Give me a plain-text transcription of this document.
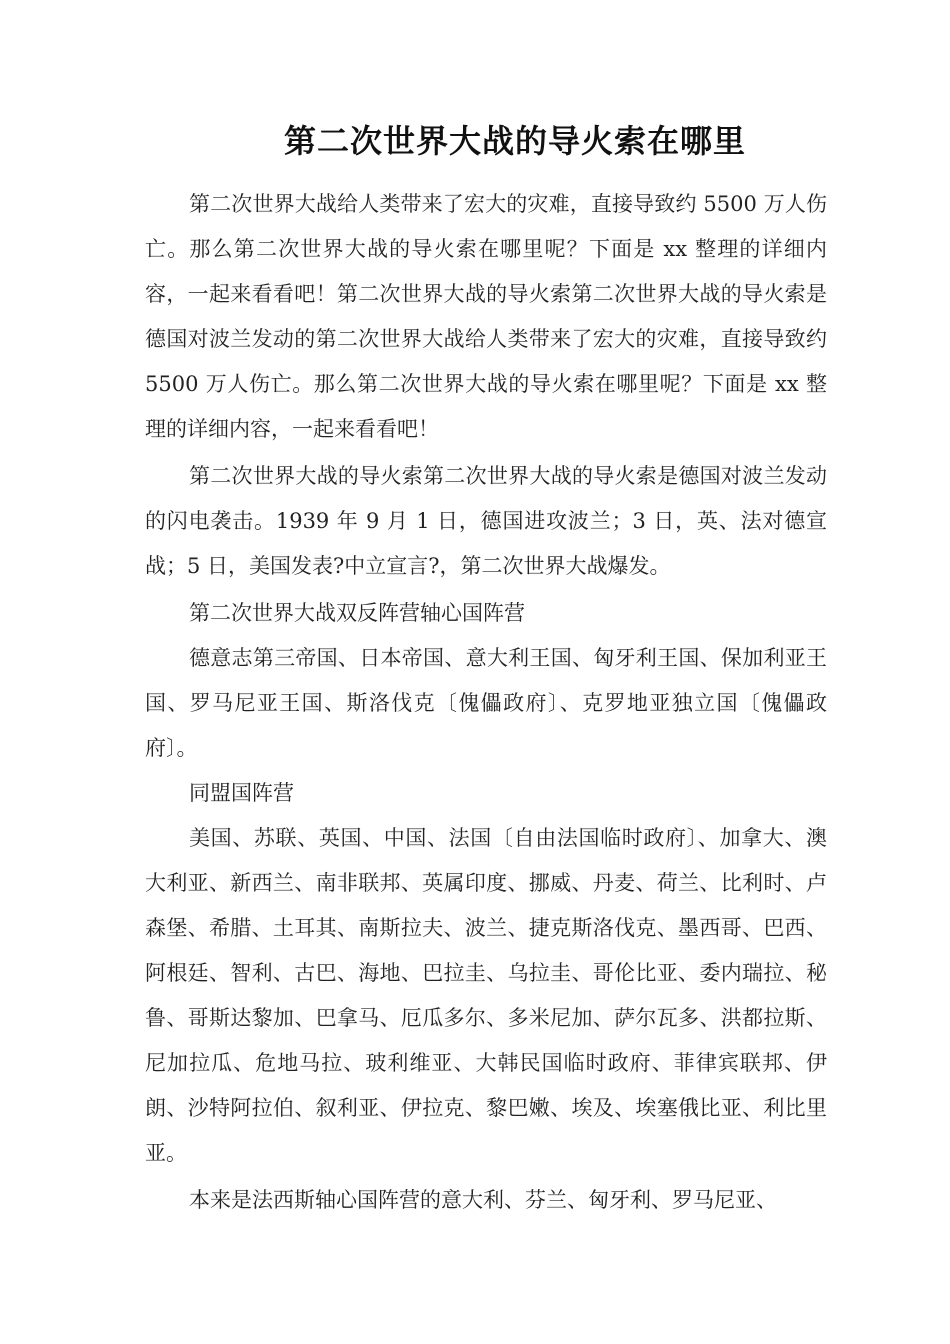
第二次世界大战的导火索在哪里

第二次世界大战给人类带来了宏大的灾难，直接导致约 5500 万人伤亡。那么第二次世界大战的导火索在哪里呢？下面是 xx 整理的详细内容，一起来看看吧！第二次世界大战的导火索第二次世界大战的导火索是德国对波兰发动的第二次世界大战给人类带来了宏大的灾难，直接导致约 5500 万人伤亡。那么第二次世界大战的导火索在哪里呢？下面是 xx 整理的详细内容，一起来看看吧！

第二次世界大战的导火索第二次世界大战的导火索是德国对波兰发动的闪电袭击。1939 年 9 月 1 日，德国进攻波兰；3 日，英、法对德宣战；5 日，美国发表?中立宣言?，第二次世界大战爆发。

第二次世界大战双反阵营轴心国阵营

德意志第三帝国、日本帝国、意大利王国、匈牙利王国、保加利亚王国、罗马尼亚王国、斯洛伐克〔傀儡政府〕、克罗地亚独立国〔傀儡政府〕。

同盟国阵营

美国、苏联、英国、中国、法国〔自由法国临时政府〕、加拿大、澳大利亚、新西兰、南非联邦、英属印度、挪威、丹麦、荷兰、比利时、卢森堡、希腊、土耳其、南斯拉夫、波兰、捷克斯洛伐克、墨西哥、巴西、阿根廷、智利、古巴、海地、巴拉圭、乌拉圭、哥伦比亚、委内瑞拉、秘鲁、哥斯达黎加、巴拿马、厄瓜多尔、多米尼加、萨尔瓦多、洪都拉斯、尼加拉瓜、危地马拉、玻利维亚、大韩民国临时政府、菲律宾联邦、伊朗、沙特阿拉伯、叙利亚、伊拉克、黎巴嫩、埃及、埃塞俄比亚、利比里亚。

本来是法西斯轴心国阵营的意大利、芬兰、匈牙利、罗马尼亚、
